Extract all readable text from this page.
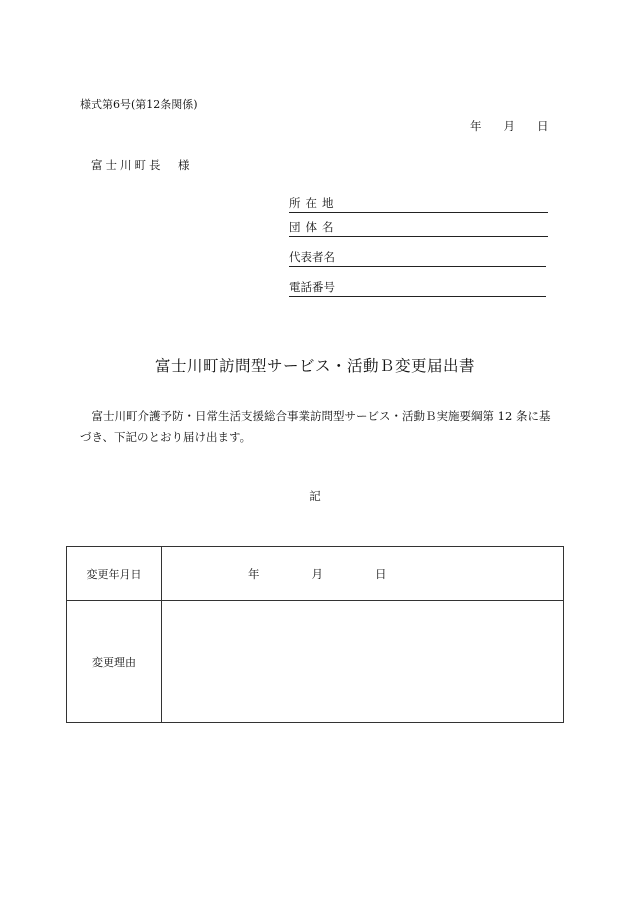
様式第6号(第12条関係)
年 月 日
富士川町長　様
所在地
団体名
代表者名
電話番号
富士川町訪問型サービス・活動Ｂ変更届出書
富士川町介護予防・日常生活支援総合事業訪問型サービス・活動Ｂ実施要綱第 12 条に基づき、下記のとおり届け出ます。
記
変更年月日	年 月 日
変更理由	
